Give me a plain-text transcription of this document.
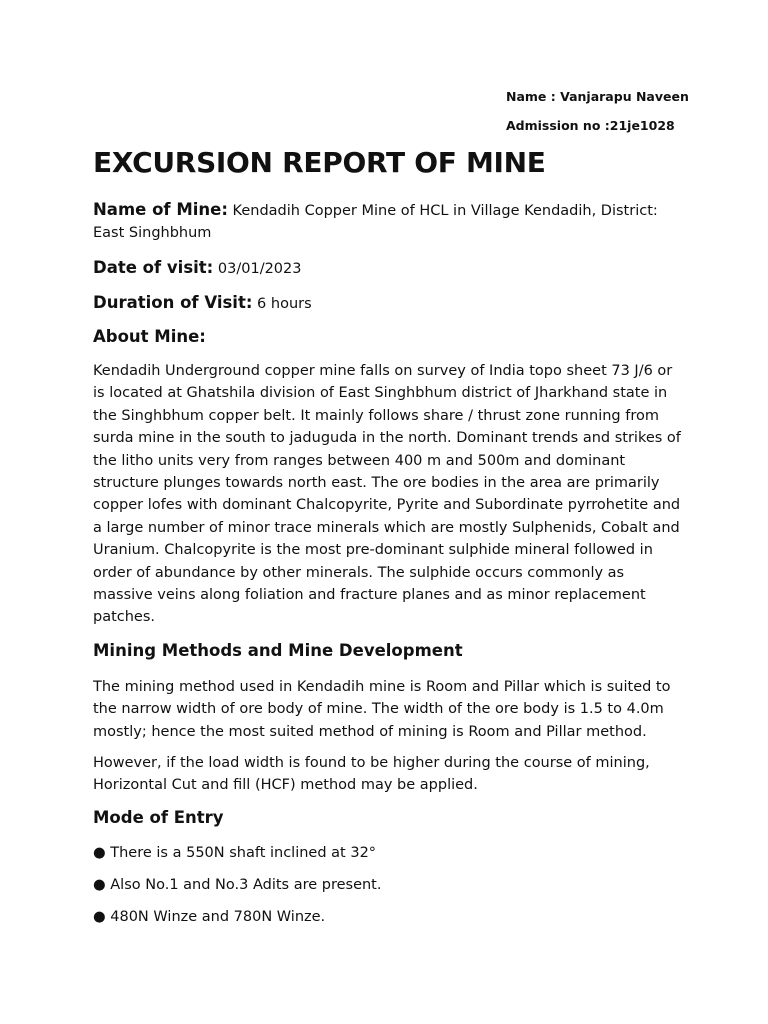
Name : Vanjarapu Naveen
Admission no :21je1028
EXCURSION REPORT OF MINE
Name of Mine: Kendadih Copper Mine of HCL in Village Kendadih, District: East Singhbhum
Date of visit: 03/01/2023
Duration of Visit: 6 hours
About Mine:

Kendadih Underground copper mine falls on survey of India topo sheet 73 J/6 or is located at Ghatshila division of East Singhbhum district of Jharkhand state in the Singhbhum copper belt. It mainly follows share / thrust zone running from surda mine in the south to jaduguda in the north. Dominant trends and strikes of the litho units very from ranges between 400 m and 500m and dominant structure plunges towards north east. The ore bodies in the area are primarily copper lofes with dominant Chalcopyrite, Pyrite and Subordinate pyrrohetite and a large number of minor trace minerals which are mostly Sulphenids, Cobalt and Uranium. Chalcopyrite is the most pre-dominant sulphide mineral followed in order of abundance by other minerals. The sulphide occurs commonly as massive veins along foliation and fracture planes and as minor replacement patches.

Mining Methods and Mine Development

The mining method used in Kendadih mine is Room and Pillar which is suited to the narrow width of ore body of mine. The width of the ore body is 1.5 to 4.0m mostly; hence the most suited method of mining is Room and Pillar method.

However, if the load width is found to be higher during the course of mining, Horizontal Cut and fill (HCF) method may be applied.

Mode of Entry
● There is a 550N shaft inclined at 32°
● Also No.1 and No.3 Adits are present.
● 480N Winze and 780N Winze.
